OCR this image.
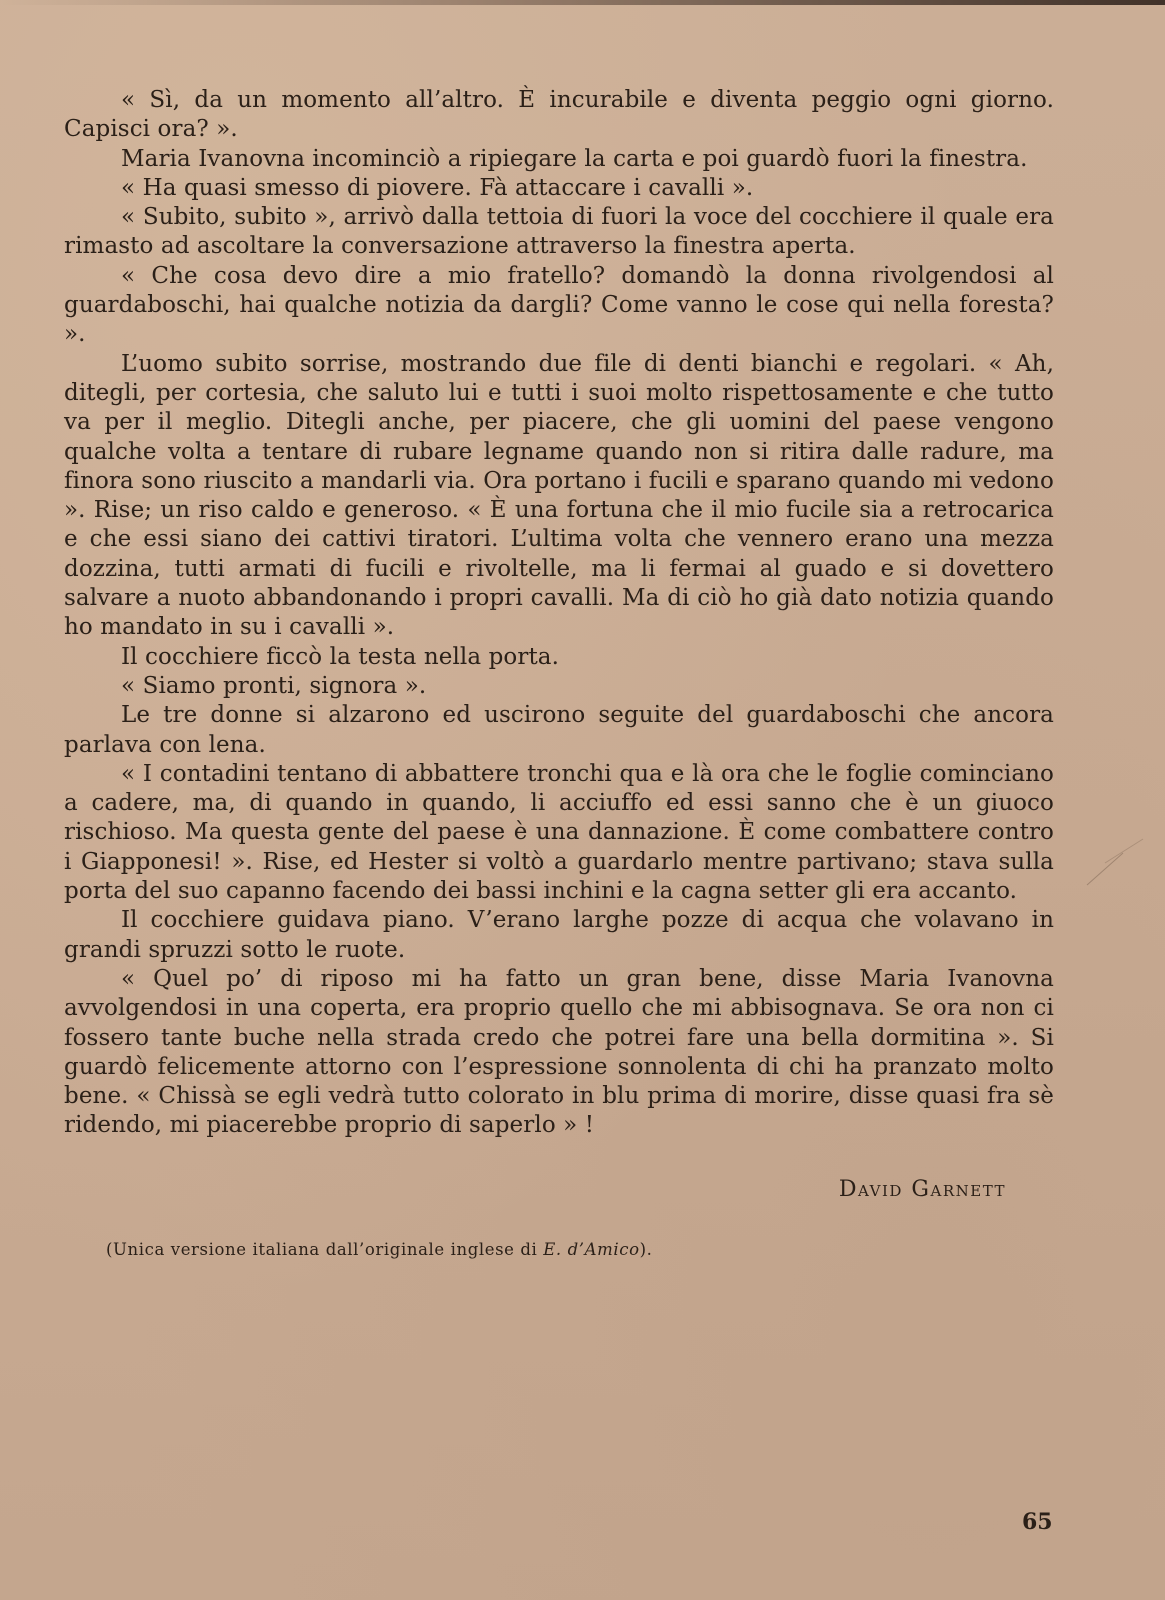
« Sì, da un momento all’altro. È incurabile e diventa peggio ogni giorno. Capisci ora? ».

Maria Ivanovna incominciò a ripiegare la carta e poi guardò fuori la finestra.

« Ha quasi smesso di piovere. Fà attaccare i cavalli ».

« Subito, subito », arrivò dalla tettoia di fuori la voce del cocchiere il quale era rimasto ad ascoltare la conversazione attraverso la finestra aperta.

« Che cosa devo dire a mio fratello? domandò la donna rivolgendosi al guardaboschi, hai qualche notizia da dargli? Come vanno le cose qui nella foresta? ».

L’uomo subito sorrise, mostrando due file di denti bianchi e regolari. « Ah, ditegli, per cortesia, che saluto lui e tutti i suoi molto rispettosamente e che tutto va per il meglio. Ditegli anche, per piacere, che gli uomini del paese vengono qualche volta a tentare di rubare legname quando non si ritira dalle radure, ma finora sono riuscito a mandarli via. Ora portano i fucili e sparano quando mi vedono ». Rise; un riso caldo e generoso. « È una fortuna che il mio fucile sia a retrocarica e che essi siano dei cattivi tiratori. L’ultima volta che vennero erano una mezza dozzina, tutti armati di fucili e rivoltelle, ma li fermai al guado e si dovettero salvare a nuoto abbandonando i propri cavalli. Ma di ciò ho già dato notizia quando ho mandato in su i cavalli ».

Il cocchiere ficcò la testa nella porta.

« Siamo pronti, signora ».

Le tre donne si alzarono ed uscirono seguite del guardaboschi che ancora parlava con lena.

« I contadini tentano di abbattere tronchi qua e là ora che le foglie cominciano a cadere, ma, di quando in quando, li acciuffo ed essi sanno che è un giuoco rischioso. Ma questa gente del paese è una dannazione. È come combattere contro i Giapponesi! ». Rise, ed Hester si voltò a guardarlo mentre partivano; stava sulla porta del suo capanno facendo dei bassi inchini e la cagna setter gli era accanto.

Il cocchiere guidava piano. V’erano larghe pozze di acqua che volavano in grandi spruzzi sotto le ruote.

« Quel po’ di riposo mi ha fatto un gran bene, disse Maria Ivanovna avvolgendosi in una coperta, era proprio quello che mi abbisognava. Se ora non ci fossero tante buche nella strada credo che potrei fare una bella dormitina ». Si guardò felicemente attorno con l’espressione sonnolenta di chi ha pranzato molto bene. « Chissà se egli vedrà tutto colorato in blu prima di morire, disse quasi fra sè ridendo, mi piacerebbe proprio di saperlo » !

David Garnett
(Unica versione italiana dall’originale inglese di E. d’Amico).
65
